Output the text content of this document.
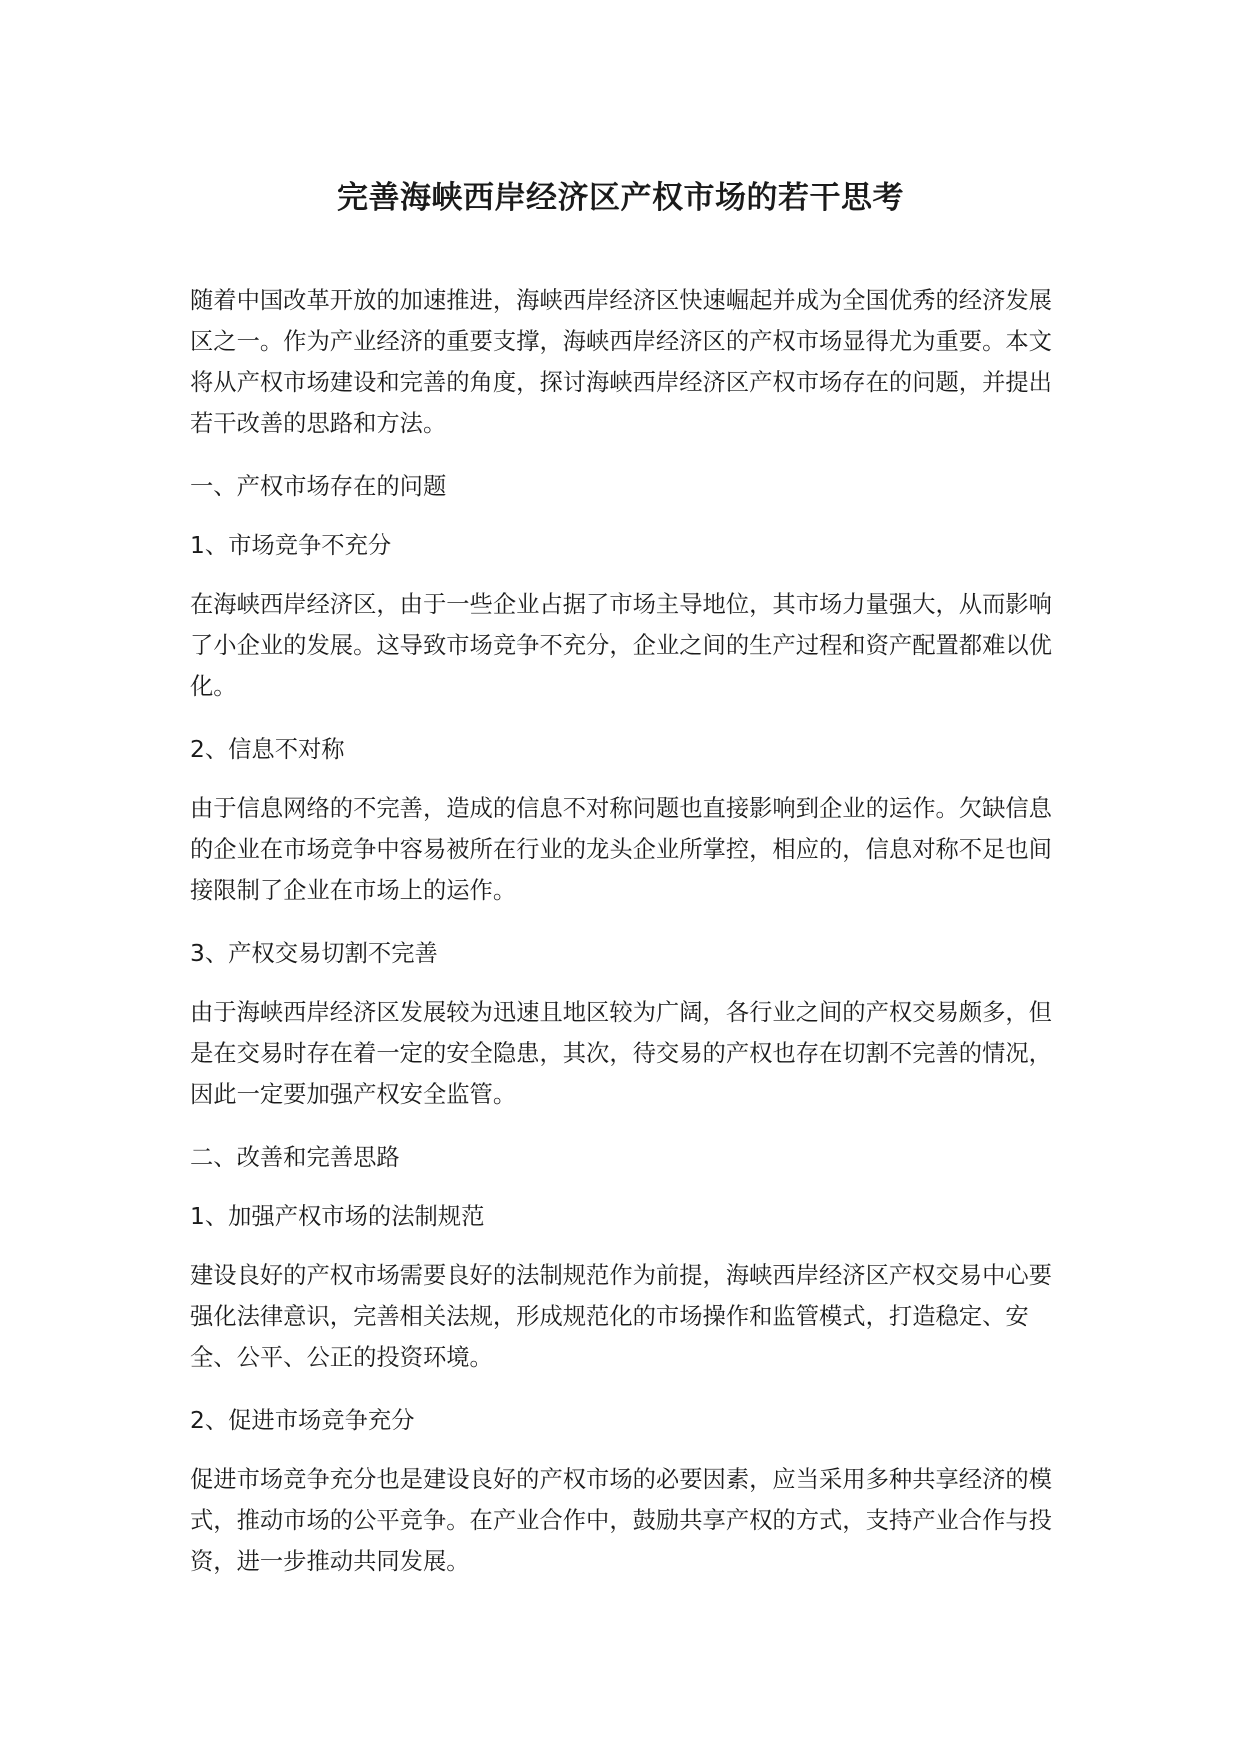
完善海峡西岸经济区产权市场的若干思考

随着中国改革开放的加速推进，海峡西岸经济区快速崛起并成为全国优秀的经济发展区之一。作为产业经济的重要支撑，海峡西岸经济区的产权市场显得尤为重要。本文将从产权市场建设和完善的角度，探讨海峡西岸经济区产权市场存在的问题，并提出若干改善的思路和方法。

一、产权市场存在的问题

1、市场竞争不充分

在海峡西岸经济区，由于一些企业占据了市场主导地位，其市场力量强大，从而影响了小企业的发展。这导致市场竞争不充分，企业之间的生产过程和资产配置都难以优化。

2、信息不对称

由于信息网络的不完善，造成的信息不对称问题也直接影响到企业的运作。欠缺信息的企业在市场竞争中容易被所在行业的龙头企业所掌控，相应的，信息对称不足也间接限制了企业在市场上的运作。

3、产权交易切割不完善

由于海峡西岸经济区发展较为迅速且地区较为广阔，各行业之间的产权交易颇多，但是在交易时存在着一定的安全隐患，其次，待交易的产权也存在切割不完善的情况，因此一定要加强产权安全监管。

二、改善和完善思路

1、加强产权市场的法制规范

建设良好的产权市场需要良好的法制规范作为前提，海峡西岸经济区产权交易中心要强化法律意识，完善相关法规，形成规范化的市场操作和监管模式，打造稳定、安全、公平、公正的投资环境。

2、促进市场竞争充分

促进市场竞争充分也是建设良好的产权市场的必要因素，应当采用多种共享经济的模式，推动市场的公平竞争。在产业合作中，鼓励共享产权的方式，支持产业合作与投资，进一步推动共同发展。
